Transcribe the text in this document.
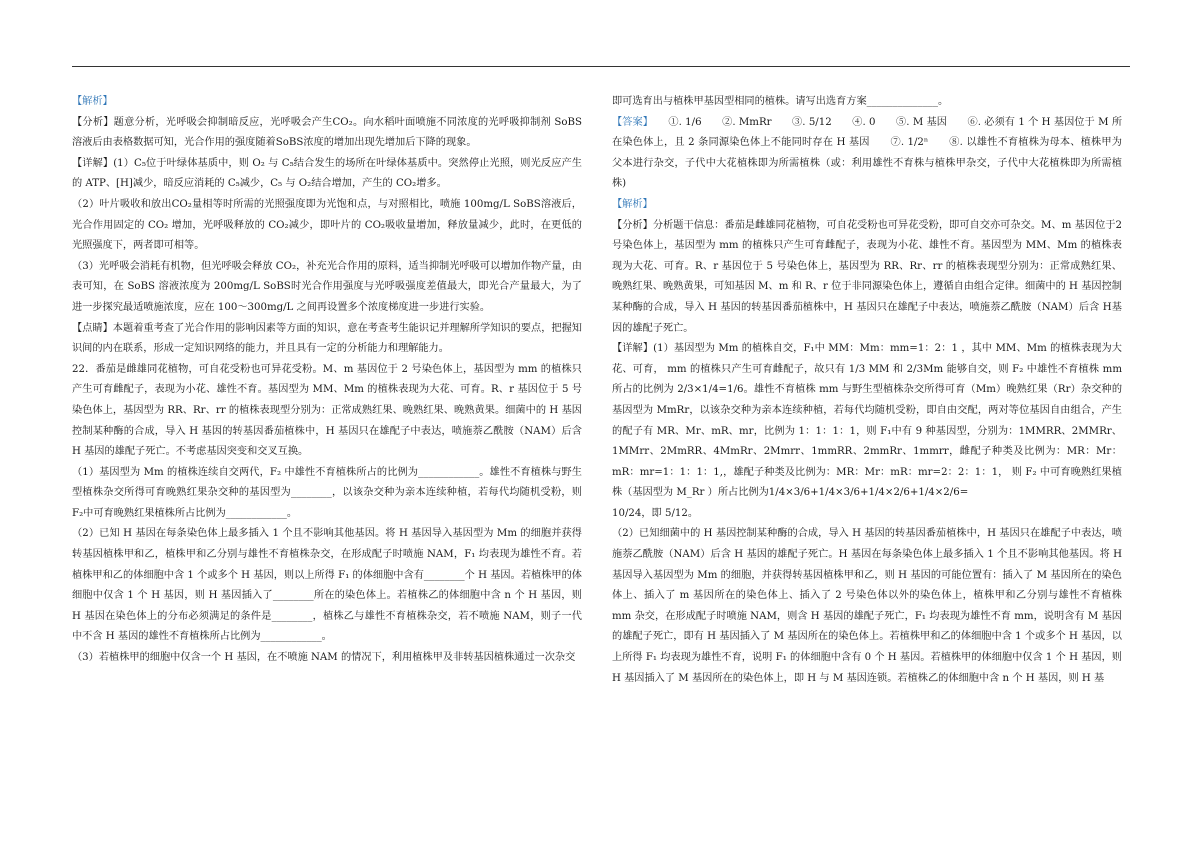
【解析】

【分析】题意分析，光呼吸会抑制暗反应，光呼吸会产生CO₂。向水稻叶面喷施不同浓度的光呼吸抑制剂 SoBS 溶液后由表格数据可知，光合作用的强度随着SoBS浓度的增加出现先增加后下降的现象。

【详解】(1）C₅位于叶绿体基质中，则 O₂ 与 C₅结合发生的场所在叶绿体基质中。突然停止光照，则光反应产生的 ATP、[H]减少，暗反应消耗的 C₅减少，C₅ 与 O₂结合增加，产生的 CO₂增多。

（2）叶片吸收和放出CO₂量相等时所需的光照强度即为光饱和点，与对照相比，喷施 100mg/L SoBS溶液后，光合作用固定的 CO₂ 增加，光呼吸释放的 CO₂减少，即叶片的 CO₂吸收量增加，释放量减少，此时，在更低的光照强度下，两者即可相等。

（3）光呼吸会消耗有机物，但光呼吸会释放 CO₂，补充光合作用的原料，适当抑制光呼吸可以增加作物产量，由表可知，在 SoBS 溶液浓度为 200mg/L SoBS时光合作用强度与光呼吸强度差值最大，即光合产量最大，为了进一步探究最适喷施浓度，应在 100～300mg/L 之间再设置多个浓度梯度进一步进行实验。

【点睛】本题着重考查了光合作用的影响因素等方面的知识，意在考查考生能识记并理解所学知识的要点，把握知识间的内在联系，形成一定知识网络的能力，并且具有一定的分析能力和理解能力。

22．番茄是雌雄同花植物，可自花受粉也可异花受粉。M、m 基因位于 2 号染色体上，基因型为 mm 的植株只产生可育雌配子，表现为小花、雄性不育。基因型为 MM、Mm 的植株表现为大花、可育。R、r 基因位于 5 号染色体上，基因型为 RR、Rr、rr 的植株表现型分别为：正常成熟红果、晚熟红果、晚熟黄果。细菌中的 H 基因控制某种酶的合成，导入 H 基因的转基因番茄植株中，H 基因只在雄配子中表达，喷施萘乙酰胺（NAM）后含H 基因的雄配子死亡。不考虑基因突变和交叉互换。

（1）基因型为 Mm 的植株连续自交两代，F₂ 中雄性不育植株所占的比例为____________。雄性不育植株与野生型植株杂交所得可育晚熟红果杂交种的基因型为________，以该杂交种为亲本连续种植，若每代均随机受粉，则F₂中可育晚熟红果植株所占比例为____________。

（2）已知 H 基因在每条染色体上最多插入 1 个且不影响其他基因。将 H 基因导入基因型为 Mm 的细胞并获得转基因植株甲和乙，植株甲和乙分别与雄性不育植株杂交，在形成配子时喷施 NAM，F₁ 均表现为雄性不育。若植株甲和乙的体细胞中含 1 个或多个 H 基因，则以上所得 F₁ 的体细胞中含有________个 H 基因。若植株甲的体细胞中仅含 1 个 H 基因，则 H 基因插入了________所在的染色体上。若植株乙的体细胞中含 n 个 H 基因，则 H 基因在染色体上的分布必须满足的条件是________，植株乙与雄性不育植株杂交，若不喷施 NAM，则子一代中不含 H 基因的雄性不育植株所占比例为____________。

（3）若植株甲的细胞中仅含一个 H 基因，在不喷施 NAM 的情况下，利用植株甲及非转基因植株通过一次杂交

即可选育出与植株甲基因型相同的植株。请写出选育方案______________。

【答案】　　①. 1/6　　②. MmRr　　③. 5/12　　④. 0　　⑤. M 基因　　⑥. 必须有 1 个 H 基因位于 M 所在染色体上，且 2 条同源染色体上不能同时存在 H 基因　　⑦. 1/2ⁿ　　⑧. 以雄性不育植株为母本、植株甲为父本进行杂交，子代中大花植株即为所需植株（或：利用雄性不育株与植株甲杂交，子代中大花植株即为所需植株)

【解析】

【分析】分析题干信息：番茄是雌雄同花植物，可自花受粉也可异花受粉，即可自交亦可杂交。M、m 基因位于2 号染色体上，基因型为 mm 的植株只产生可育雌配子，表现为小花、雄性不育。基因型为 MM、Mm 的植株表现为大花、可育。R、r 基因位于 5 号染色体上，基因型为 RR、Rr、rr 的植株表现型分别为：正常成熟红果、晚熟红果、晚熟黄果，可知基因 M、m 和 R、r 位于非同源染色体上，遵循自由组合定律。细菌中的 H 基因控制某种酶的合成，导入 H 基因的转基因番茄植株中，H 基因只在雄配子中表达，喷施萘乙酰胺（NAM）后含 H基因的雄配子死亡。

【详解】(1）基因型为 Mm 的植株自交，F₁中 MM：Mm：mm=1：2：1 ，其中 MM、Mm 的植株表现为大花、可育， mm 的植株只产生可育雌配子，故只有 1/3 MM 和 2/3Mm 能够自交，则 F₂ 中雄性不育植株 mm 所占的比例为 2/3×1/4=1/6。雄性不育植株 mm 与野生型植株杂交所得可育（Mm）晚熟红果（Rr）杂交种的基因型为 MmRr，以该杂交种为亲本连续种植，若每代均随机受粉，即自由交配，两对等位基因自由组合，产生的配子有 MR、Mr、mR、mr，比例为 1：1：1：1，则 F₁中有 9 种基因型，分别为：1MMRR、2MMRr、1MMrr、2MmRR、4MmRr、2Mmrr、1mmRR、2mmRr、1mmrr，雌配子种类及比例为：MR：Mr：mR：mr=1：1：1：1,，雄配子种类及比例为：MR：Mr：mR：mr=2：2：1：1， 则 F₂ 中可育晚熟红果植株（基因型为 M_Rr ）所占比例为1/4×3/6+1/4×3/6+1/4×2/6+1/4×2/6=

10/24，即 5/12。

（2）已知细菌中的 H 基因控制某种酶的合成，导入 H 基因的转基因番茄植株中，H 基因只在雄配子中表达，喷施萘乙酰胺（NAM）后含 H 基因的雄配子死亡。H 基因在每条染色体上最多插入 1 个且不影响其他基因。将 H 基因导入基因型为 Mm 的细胞，并获得转基因植株甲和乙，则 H 基因的可能位置有：插入了 M 基因所在的染色体上、插入了 m 基因所在的染色体上、插入了 2 号染色体以外的染色体上，植株甲和乙分别与雄性不育植株 mm 杂交，在形成配子时喷施 NAM，则含 H 基因的雄配子死亡，F₁ 均表现为雄性不育 mm，说明含有 M 基因的雄配子死亡，即有 H 基因插入了 M 基因所在的染色体上。若植株甲和乙的体细胞中含 1 个或多个 H 基因，以上所得 F₁ 均表现为雄性不育，说明 F₁ 的体细胞中含有 0 个 H 基因。若植株甲的体细胞中仅含 1 个 H 基因，则 H 基因插入了 M 基因所在的染色体上，即 H 与 M 基因连锁。若植株乙的体细胞中含 n 个 H 基因，则 H 基
